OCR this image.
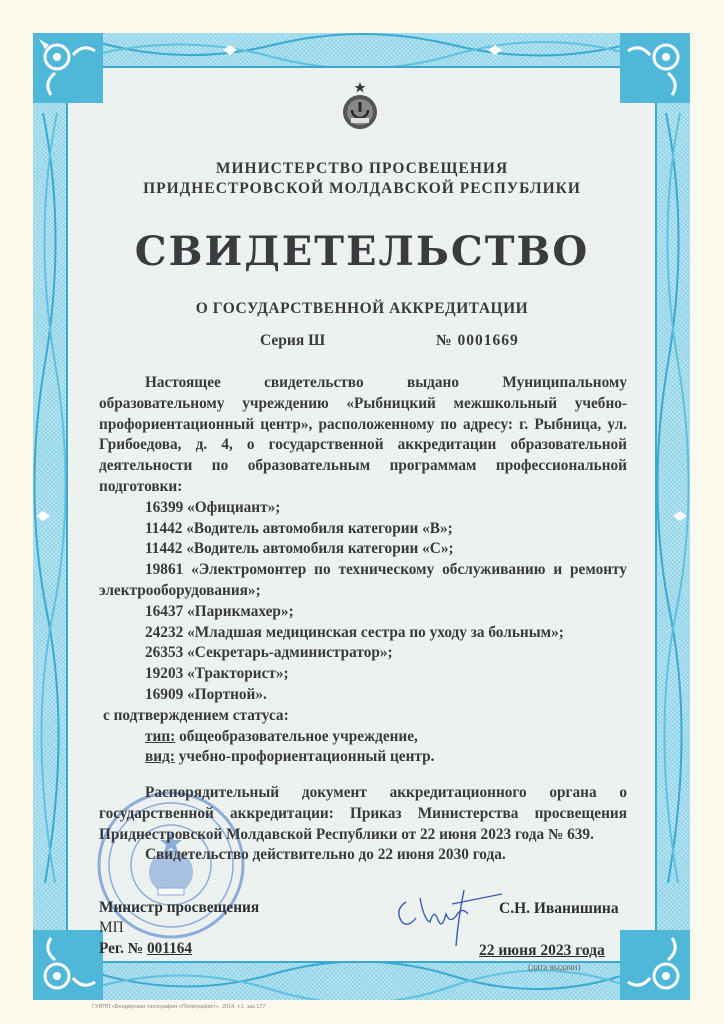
МИНИСТЕРСТВО ПРОСВЕЩЕНИЯ
ПРИДНЕСТРОВСКОЙ МОЛДАВСКОЙ РЕСПУБЛИКИ
СВИДЕТЕЛЬСТВО
О ГОСУДАРСТВЕННОЙ АККРЕДИТАЦИИ
Серия Ш	№ 0001669

Настоящее свидетельство выдано Муниципальному образовательному учреждению «Рыбницкий межшкольный учебно-профориентационный центр», расположенному по адресу: г. Рыбница, ул. Грибоедова, д. 4, о государственной аккредитации образовательной деятельности по образовательным программам профессиональной подготовки:

16399 «Официант»;

11442 «Водитель автомобиля категории «В»;

11442 «Водитель автомобиля категории «С»;

19861 «Электромонтер по техническому обслуживанию и ремонту электрооборудования»;

16437 «Парикмахер»;

24232 «Младшая медицинская сестра по уходу за больным»;

26353 «Секретарь-администратор»;

19203 «Тракторист»;

16909 «Портной».

с подтверждением статуса:

тип: общеобразовательное учреждение,

вид: учебно-профориентационный центр.

Распорядительный документ аккредитационного органа о государственной аккредитации: Приказ Министерства просвещения Приднестровской Молдавской Республики от 22 июня 2023 года № 639.

Свидетельство действительно до 22 июня 2030 года.

Министр просвещения
МП
Рег. № 001164
С.Н. Иванишина
22 июня 2023 года
(дата выдачи)
ГУИПП «Бендерская типография «Полиграфист», 2014, т.1, зак.177
